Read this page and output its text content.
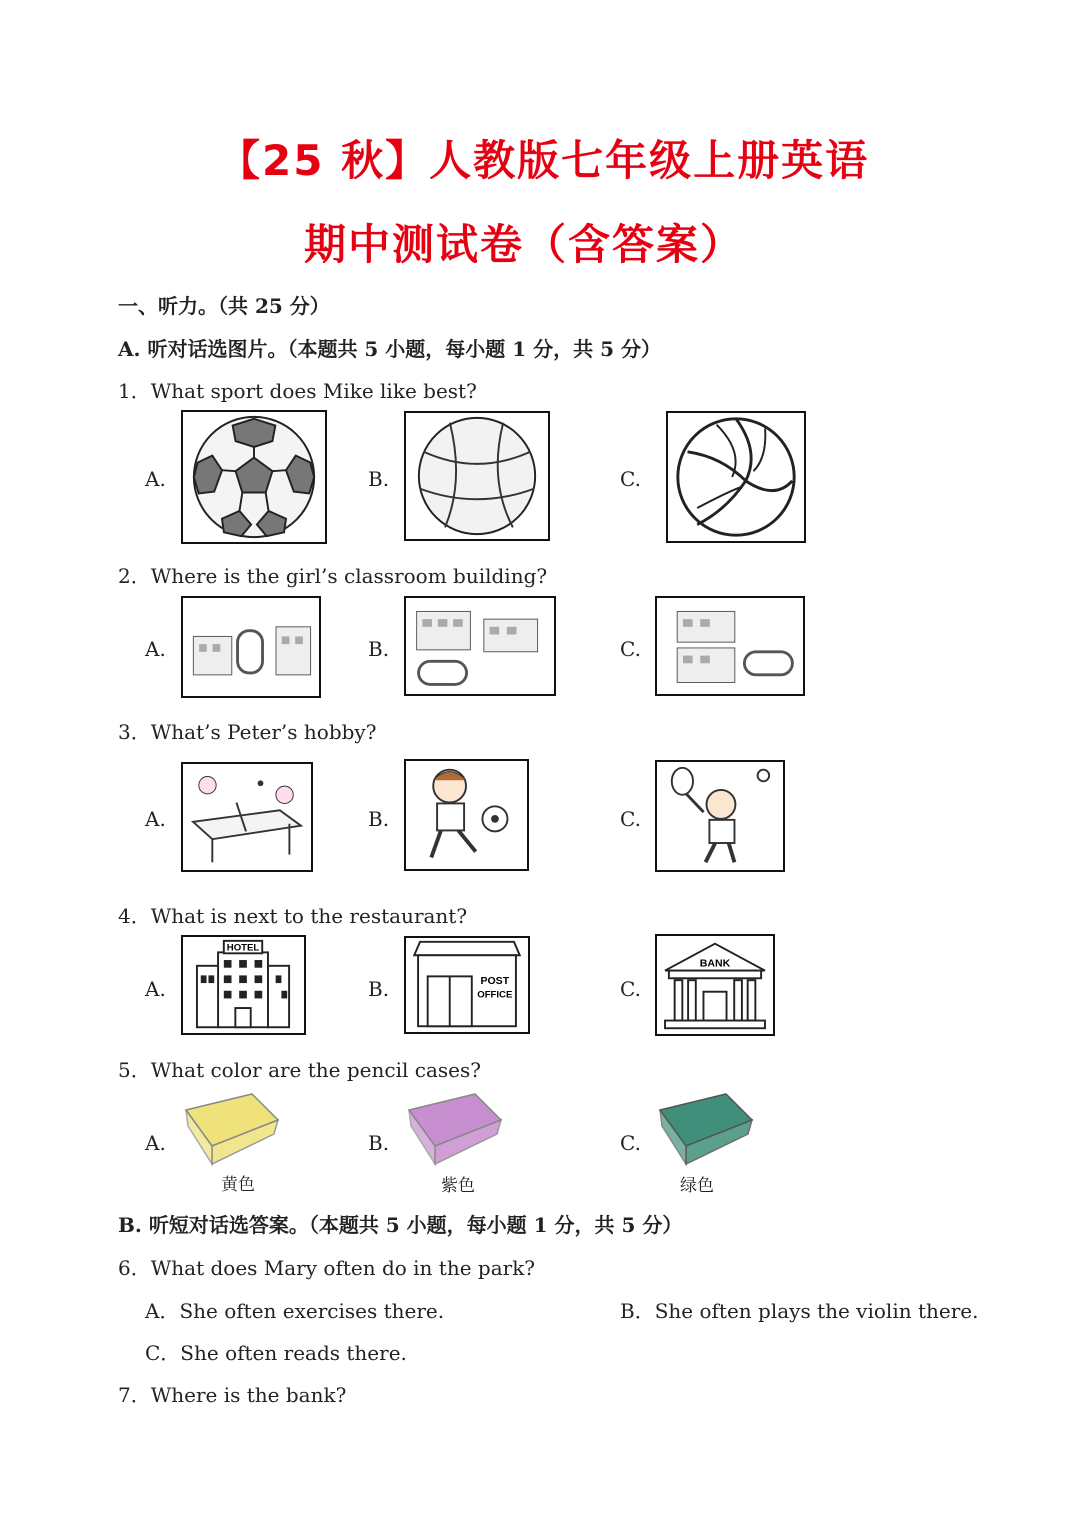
【25 秋】人教版七年级上册英语
期中测试卷（含答案）
一、听力。（共 25 分）
A. 听对话选图片。（本题共 5 小题，每小题 1 分，共 5 分）
1．What sport does Mike like best?
A.	B.	C.
2．Where is the girl’s classroom building?
A.	B.	C.
3．What’s Peter’s hobby?
A.	B.	C.
4．What is next to the restaurant?
A.	B.	C.
HOTEL
POST
OFFICE
BANK
5．What color are the pencil cases?
A.	B.	C.
黄色	紫色	绿色
B. 听短对话选答案。（本题共 5 小题，每小题 1 分，共 5 分）
6．What does Mary often do in the park?
A．She often exercises there.	B．She often plays the violin there.
C．She often reads there.
7．Where is the bank?
